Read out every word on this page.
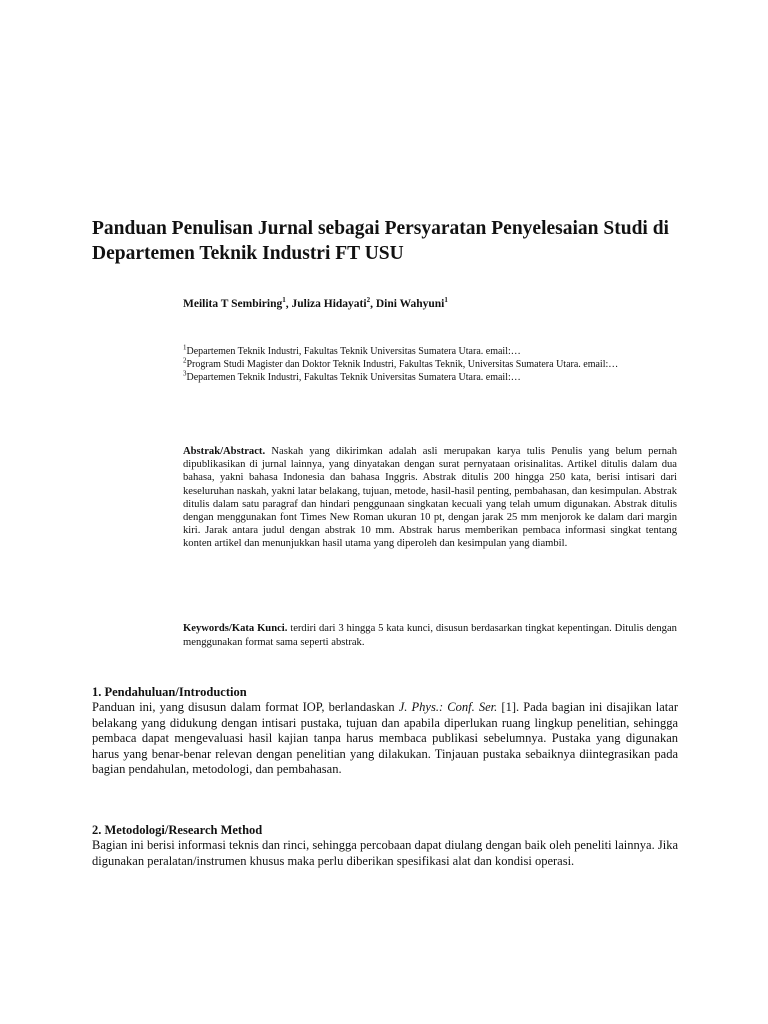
Panduan Penulisan Jurnal sebagai Persyaratan Penyelesaian Studi di Departemen Teknik Industri FT USU
Meilita T Sembiring$^1$, Juliza Hidayati$^2$, Dini Wahyuni$^1$

$^1$Departemen Teknik Industri, Fakultas Teknik Universitas Sumatera Utara. email:…

$^2$Program Studi Magister dan Doktor Teknik Industri, Fakultas Teknik, Universitas Sumatera Utara. email:…

$^3$Departemen Teknik Industri, Fakultas Teknik Universitas Sumatera Utara. email:…

Abstrak/Abstract. Naskah yang dikirimkan adalah asli merupakan karya tulis Penulis yang belum pernah dipublikasikan di jurnal lainnya, yang dinyatakan dengan surat pernyataan orisinalitas. Artikel ditulis dalam dua bahasa, yakni bahasa Indonesia dan bahasa Inggris. Abstrak ditulis 200 hingga 250 kata, berisi intisari dari keseluruhan naskah, yakni latar belakang, tujuan, metode, hasil-hasil penting, pembahasan, dan kesimpulan. Abstrak ditulis dalam satu paragraf dan hindari penggunaan singkatan kecuali yang telah umum digunakan. Abstrak ditulis dengan menggunakan font Times New Roman ukuran 10 pt, dengan jarak 25 mm menjorok ke dalam dari margin kiri. Jarak antara judul dengan abstrak 10 mm. Abstrak harus memberikan pembaca informasi singkat tentang konten artikel dan menunjukkan hasil utama yang diperoleh dan kesimpulan yang diambil.

Keywords/Kata Kunci. terdiri dari 3 hingga 5 kata kunci, disusun berdasarkan tingkat kepentingan. Ditulis dengan menggunakan format sama seperti abstrak.

1. Pendahuluan/Introduction

Panduan ini, yang disusun dalam format IOP, berlandaskan J. Phys.: Conf. Ser. [1]. Pada bagian ini disajikan latar belakang yang didukung dengan intisari pustaka, tujuan dan apabila diperlukan ruang lingkup penelitian, sehingga pembaca dapat mengevaluasi hasil kajian tanpa harus membaca publikasi sebelumnya. Pustaka yang digunakan harus yang benar-benar relevan dengan penelitian yang dilakukan. Tinjauan pustaka sebaiknya diintegrasikan pada bagian pendahulan, metodologi, dan pembahasan.

2. Metodologi/Research Method

Bagian ini berisi informasi teknis dan rinci, sehingga percobaan dapat diulang dengan baik oleh peneliti lainnya. Jika digunakan peralatan/instrumen khusus maka perlu diberikan spesifikasi alat dan kondisi operasi.
